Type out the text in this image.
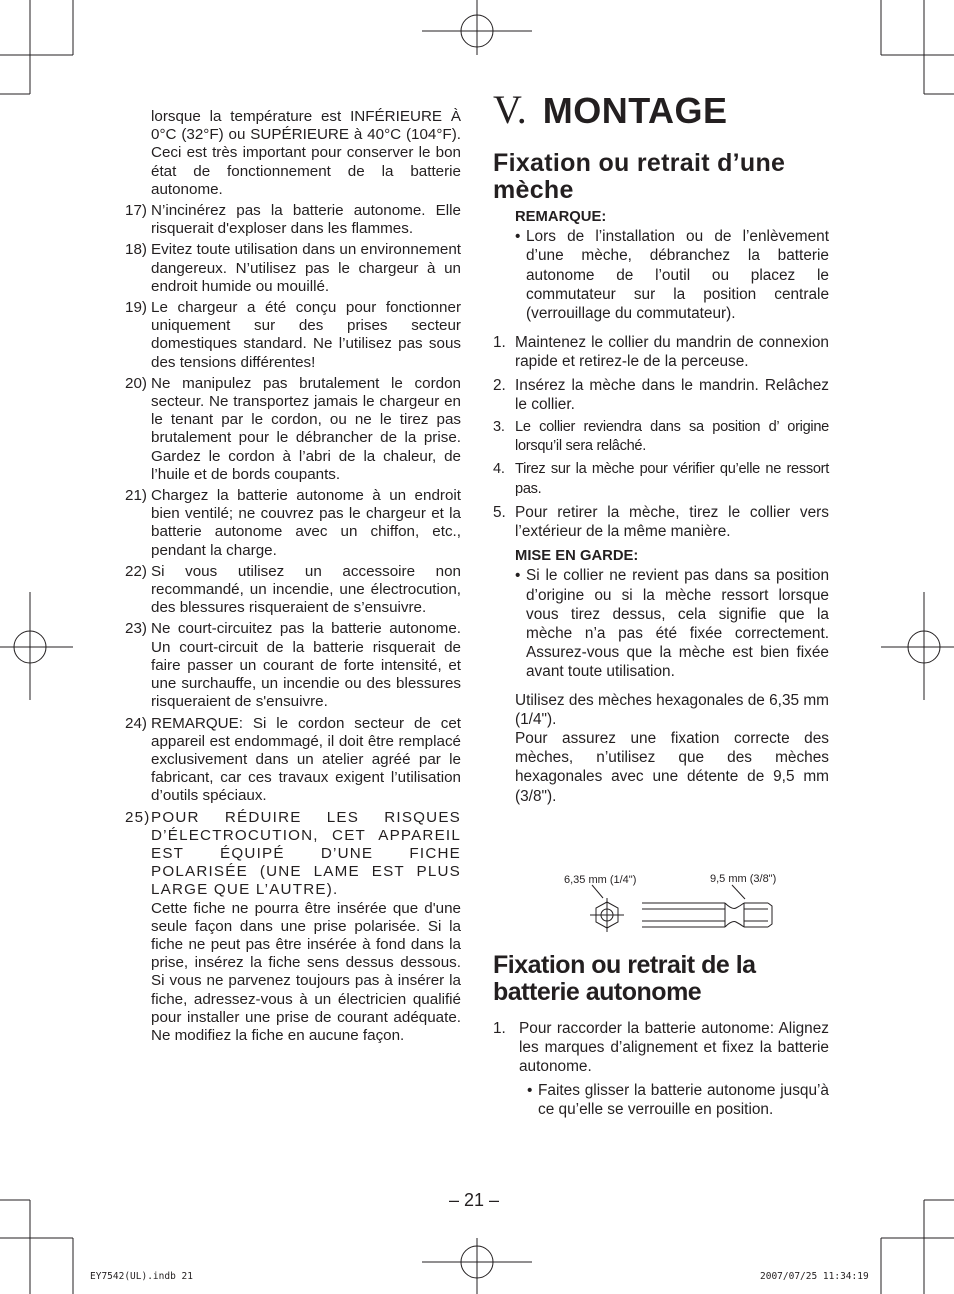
lorsque la température est INFÉRIEURE À 0°C (32°F) ou SUPÉRIEURE à 40°C (104°F). Ceci est très important pour conserver le bon état de fonctionnement de la batterie autonome.

17) N’incinérez pas la batterie autonome. Elle risquerait d'exploser dans les flammes.

18) Evitez toute utilisation dans un environnement dangereux. N’utilisez pas le chargeur à un endroit humide ou mouillé.

19) Le chargeur a été conçu pour fonctionner uniquement sur des prises secteur domestiques standard. Ne l’utilisez pas sous des tensions différentes!

20) Ne manipulez pas brutalement le cordon secteur. Ne transportez jamais le chargeur en le tenant par le cordon, ou ne le tirez pas brutalement pour le débrancher de la prise. Gardez le cordon à l’abri de la chaleur, de l’huile et de bords coupants.

21) Chargez la batterie autonome à un endroit bien ventilé; ne couvrez pas le chargeur et la batterie autonome avec un chiffon, etc., pendant la charge.

22) Si vous utilisez un accessoire non recommandé, un incendie, une électrocution, des blessures risqueraient de s’ensuivre.

23) Ne court-circuitez pas la batterie autonome. Un court-circuit de la batterie risquerait de faire passer un courant de forte intensité, et une surchauffe, un incendie ou des blessures risqueraient de s'ensuivre.

24) REMARQUE: Si le cordon secteur de cet appareil est endommagé, il doit être remplacé exclusivement dans un atelier agréé par le fabricant, car ces travaux exigent l’utilisation d’outils spéciaux.

25) POUR RÉDUIRE LES RISQUES D’ÉLECTROCUTION, CET APPAREIL EST ÉQUIPÉ D’UNE FICHE POLARISÉE (UNE LAME EST PLUS LARGE QUE L’AUTRE).

Cette fiche ne pourra être insérée que d'une seule façon dans une prise polarisée. Si la fiche ne peut pas être insérée à fond dans la prise, insérez la fiche sens dessus dessous. Si vous ne parvenez toujours pas à insérer la fiche, adressez-vous à un électricien qualifié pour installer une prise de courant adéquate. Ne modifiez la fiche en aucune façon.

V. MONTAGE
Fixation ou retrait d’une mèche
REMARQUE:

• Lors de l’installation ou de l’enlèvement d’une mèche, débranchez la batterie autonome de l’outil ou placez le commutateur sur la position centrale (verrouillage du commutateur).

1. Maintenez le collier du mandrin de connexion rapide et retirez-le de la perceuse.

2. Insérez la mèche dans le mandrin. Relâchez le collier.

3. Le collier reviendra dans sa position d’ origine lorsqu’il sera relâché.

4. Tirez sur la mèche pour vérifier qu’elle ne ressort pas.

5. Pour retirer la mèche, tirez le collier vers l’extérieur de la même manière.

MISE EN GARDE:

• Si le collier ne revient pas dans sa position d’origine ou si la mèche ressort lorsque vous tirez dessus, cela signifie que la mèche n’a pas été fixée correctement. Assurez-vous que la mèche est bien fixée avant toute utilisation.

Utilisez des mèches hexagonales de 6,35 mm (1/4").

Pour assurez une fixation correcte des mèches, n’utilisez que des mèches hexagonales avec une détente de 9,5 mm (3/8").

6,35 mm (1/4")	9,5 mm (3/8")
Fixation ou retrait de la batterie autonome

1. Pour raccorder la batterie autonome: Alignez les marques d’alignement et fixez la batterie autonome.

• Faites glisser la batterie autonome jusqu’à ce qu’elle se verrouille en position.

– 21 –
EY7542(UL).indb 21	2007/07/25 11:34:19
